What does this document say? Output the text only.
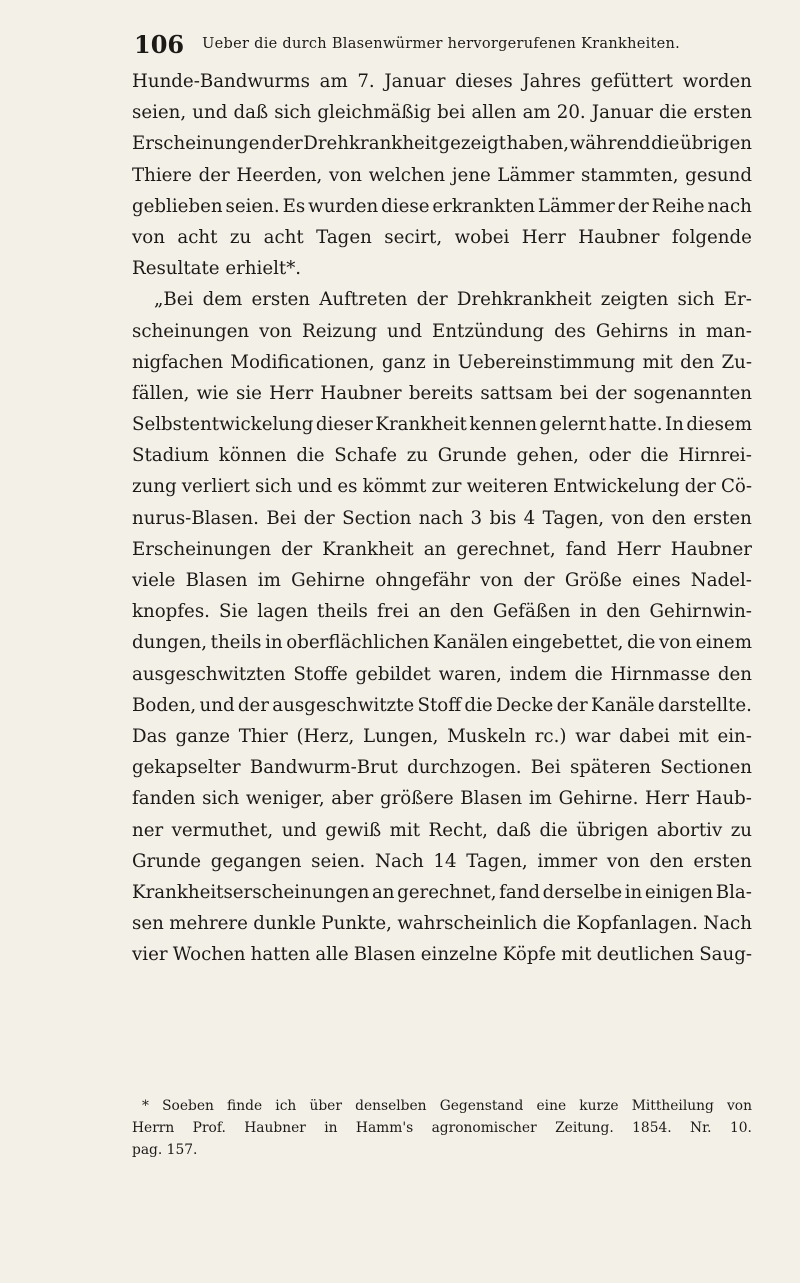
106 Ueber die durch Blasenwürmer hervorgerufenen Krankheiten.
Hunde-Bandwurms am 7. Januar dieses Jahres gefüttert worden
seien, und daß sich gleichmäßig bei allen am 20. Januar die ersten
Erscheinungen der Drehkrankheit gezeigt haben, während die übrigen
Thiere der Heerden, von welchen jene Lämmer stammten, gesund
geblieben seien. Es wurden diese erkrankten Lämmer der Reihe nach
von acht zu acht Tagen secirt, wobei Herr Haubner folgende
Resultate erhielt*.
„Bei dem ersten Auftreten der Drehkrankheit zeigten sich Er-
scheinungen von Reizung und Entzündung des Gehirns in man-
nigfachen Modificationen, ganz in Uebereinstimmung mit den Zu-
fällen, wie sie Herr Haubner bereits sattsam bei der sogenannten
Selbstentwickelung dieser Krankheit kennen gelernt hatte. In diesem
Stadium können die Schafe zu Grunde gehen, oder die Hirnrei-
zung verliert sich und es kömmt zur weiteren Entwickelung der Cö-
nurus-Blasen. Bei der Section nach 3 bis 4 Tagen, von den ersten
Erscheinungen der Krankheit an gerechnet, fand Herr Haubner
viele Blasen im Gehirne ohngefähr von der Größe eines Nadel-
knopfes. Sie lagen theils frei an den Gefäßen in den Gehirnwin-
dungen, theils in oberflächlichen Kanälen eingebettet, die von einem
ausgeschwitzten Stoffe gebildet waren, indem die Hirnmasse den
Boden, und der ausgeschwitzte Stoff die Decke der Kanäle darstellte.
Das ganze Thier (Herz, Lungen, Muskeln rc.) war dabei mit ein-
gekapselter Bandwurm-Brut durchzogen. Bei späteren Sectionen
fanden sich weniger, aber größere Blasen im Gehirne. Herr Haub-
ner vermuthet, und gewiß mit Recht, daß die übrigen abortiv zu
Grunde gegangen seien. Nach 14 Tagen, immer von den ersten
Krankheitserscheinungen an gerechnet, fand derselbe in einigen Bla-
sen mehrere dunkle Punkte, wahrscheinlich die Kopfanlagen. Nach
vier Wochen hatten alle Blasen einzelne Köpfe mit deutlichen Saug-
* Soeben finde ich über denselben Gegenstand eine kurze Mittheilung von
Herrn Prof. Haubner in Hamm's agronomischer Zeitung. 1854. Nr. 10.
pag. 157.
